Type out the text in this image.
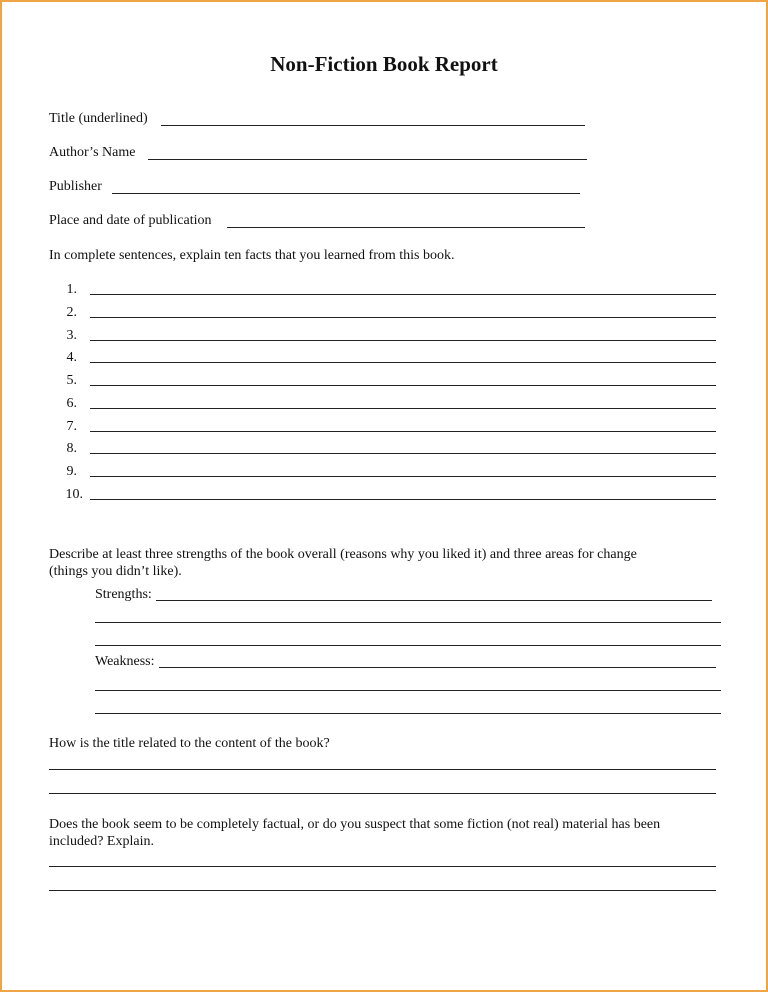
Non-Fiction Book Report
Title (underlined)
Author’s Name
Publisher
Place and date of publication
In complete sentences, explain ten facts that you learned from this book.
1.
2.
3.
4.
5.
6.
7.
8.
9.
10.
Describe at least three strengths of the book overall (reasons why you liked it) and three areas for change
(things you didn’t like).
Strengths:
Weakness:
How is the title related to the content of the book?
Does the book seem to be completely factual, or do you suspect that some fiction (not real) material has been
included? Explain.
